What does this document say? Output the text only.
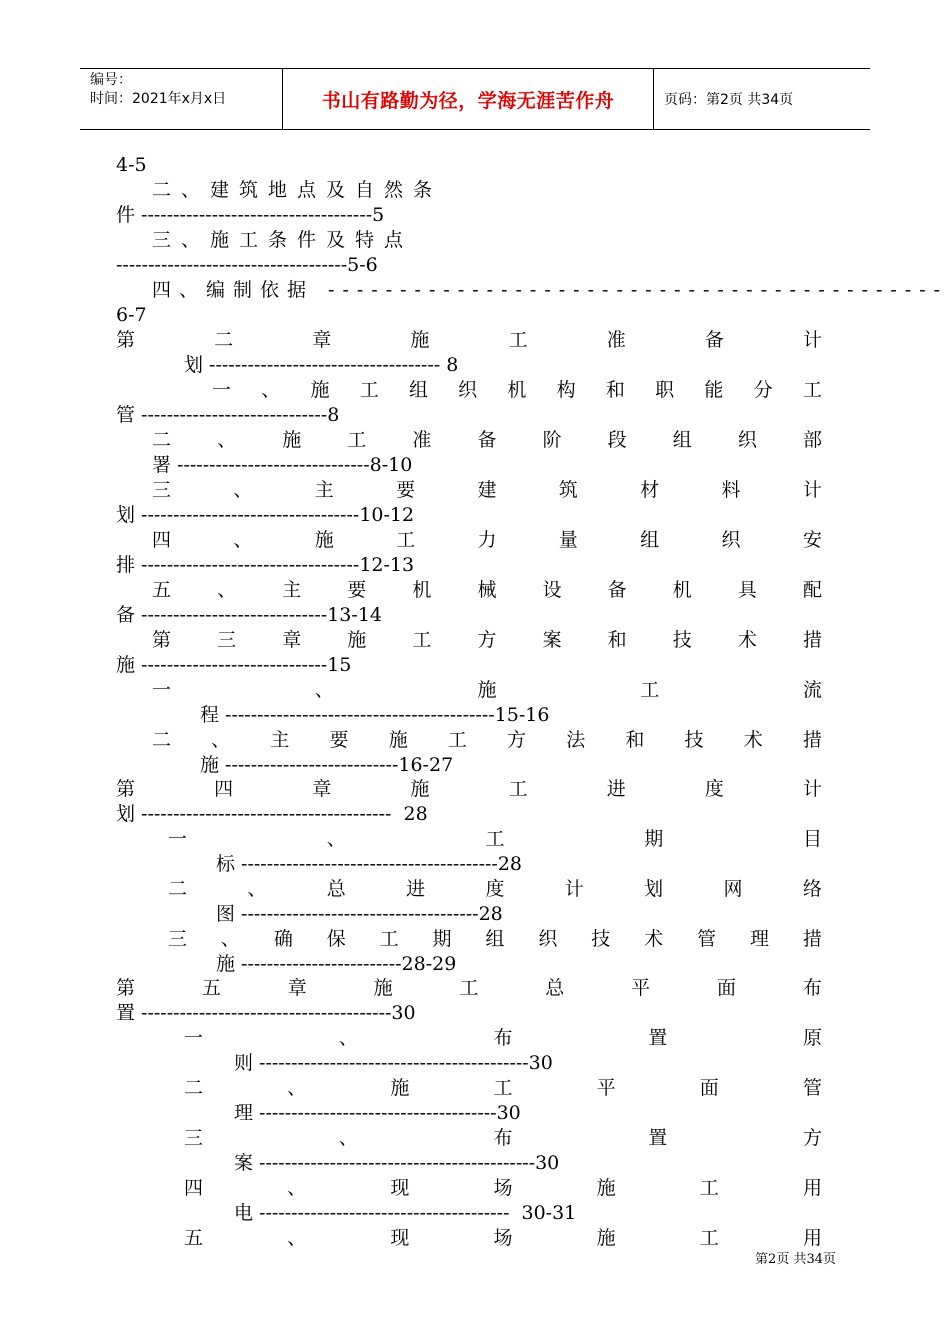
编号：
时间：2021年x月x日	书山有路勤为径，学海无涯苦作舟	页码：第2页 共34页
4-5
二、建筑地点及自然条
件 ------------------------------------5
三、施工条件及特点
------------------------------------5-6
四、编制依据 -------------------------------------------
6-7
第	二	章	施	工	准	备	计
划 ------------------------------------ 8
一 、 施 工 组 织 机 构 和 职 能 分 工
管 -----------------------------8
二 、 施 工 准 备 阶 段 组 织 部
署 ------------------------------8-10
三	、	主	要	建	筑	材	料	计
划 ----------------------------------10-12
四	、	施	工	力	量	组	织	安
排 ----------------------------------12-13
五 、 主 要 机 械 设 备 机 具 配
备 -----------------------------13-14
第 三 章 施 工 方 案 和 技 术 措
施 -----------------------------15
一	、	施	工	流
程 ------------------------------------------15-16
二 、 主 要 施 工 方 法 和 技 术 措
施 ---------------------------16-27
第	四	章	施	工	进	度	计
划 ---------------------------------------  28
一	、	工	期	目
标 ----------------------------------------28
二	、	总	进	度	计	划	网	络
图 -------------------------------------28
三 、 确 保 工 期 组 织 技 术 管 理 措
施 -------------------------28-29
第	五	章	施	工	总	平	面	布
置 ---------------------------------------30
一	、	布	置	原
则 ------------------------------------------30
二	、	施	工	平	面	管
理 -------------------------------------30
三	、	布	置	方
案 -------------------------------------------30
四	、	现	场	施	工	用
电 ---------------------------------------  30-31
五	、	现	场	施	工	用
第2页 共34页
